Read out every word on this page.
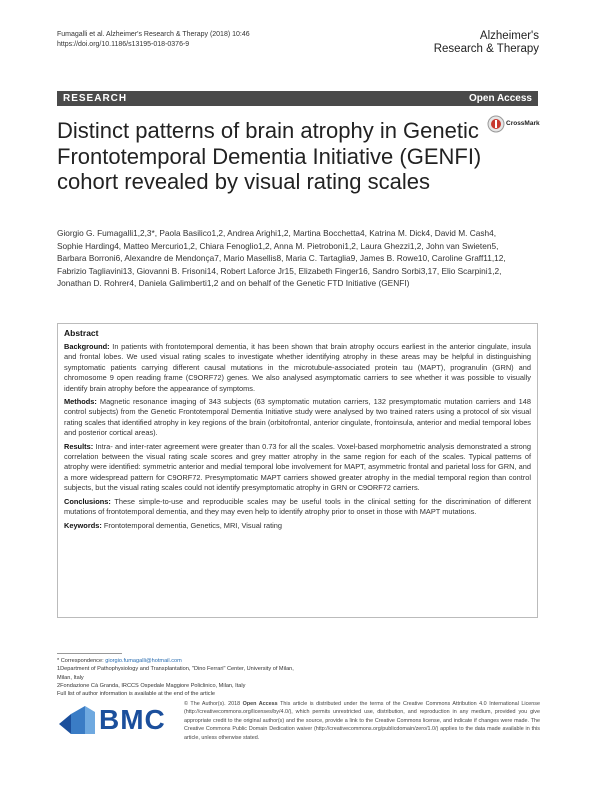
Fumagalli et al. Alzheimer's Research & Therapy (2018) 10:46
https://doi.org/10.1186/s13195-018-0376-9
Alzheimer's
Research & Therapy
RESEARCH	Open Access
Distinct patterns of brain atrophy in Genetic Frontotemporal Dementia Initiative (GENFI) cohort revealed by visual rating scales
CrossMark
Giorgio G. Fumagalli1,2,3*, Paola Basilico1,2, Andrea Arighi1,2, Martina Bocchetta4, Katrina M. Dick4, David M. Cash4,
Sophie Harding4, Matteo Mercurio1,2, Chiara Fenoglio1,2, Anna M. Pietroboni1,2, Laura Ghezzi1,2, John van Swieten5,
Barbara Borroni6, Alexandre de Mendonça7, Mario Masellis8, Maria C. Tartaglia9, James B. Rowe10, Caroline Graff11,12,
Fabrizio Tagliavini13, Giovanni B. Frisoni14, Robert Laforce Jr15, Elizabeth Finger16, Sandro Sorbi3,17, Elio Scarpini1,2,
Jonathan D. Rohrer4, Daniela Galimberti1,2 and on behalf of the Genetic FTD Initiative (GENFI)
Abstract

Background: In patients with frontotemporal dementia, it has been shown that brain atrophy occurs earliest in the anterior cingulate, insula and frontal lobes. We used visual rating scales to investigate whether identifying atrophy in these areas may be helpful in distinguishing symptomatic patients carrying different causal mutations in the microtubule-associated protein tau (MAPT), progranulin (GRN) and chromosome 9 open reading frame (C9ORF72) genes. We also analysed asymptomatic carriers to see whether it was possible to visually identify brain atrophy before the appearance of symptoms.

Methods: Magnetic resonance imaging of 343 subjects (63 symptomatic mutation carriers, 132 presymptomatic mutation carriers and 148 control subjects) from the Genetic Frontotemporal Dementia Initiative study were analysed by two trained raters using a protocol of six visual rating scales that identified atrophy in key regions of the brain (orbitofrontal, anterior cingulate, frontoinsula, anterior and medial temporal lobes and posterior cortical areas).

Results: Intra- and inter-rater agreement were greater than 0.73 for all the scales. Voxel-based morphometric analysis demonstrated a strong correlation between the visual rating scale scores and grey matter atrophy in the same region for each of the scales. Typical patterns of atrophy were identified: symmetric anterior and medial temporal lobe involvement for MAPT, asymmetric frontal and parietal loss for GRN, and a more widespread pattern for C9ORF72. Presymptomatic MAPT carriers showed greater atrophy in the medial temporal region than control subjects, but the visual rating scales could not identify presymptomatic atrophy in GRN or C9ORF72 carriers.

Conclusions: These simple-to-use and reproducible scales may be useful tools in the clinical setting for the discrimination of different mutations of frontotemporal dementia, and they may even help to identify atrophy prior to onset in those with MAPT mutations.

Keywords: Frontotemporal dementia, Genetics, MRI, Visual rating

* Correspondence: giorgio.fumagalli@hotmail.com
1Department of Pathophysiology and Transplantation, "Dino Ferrari" Center, University of Milan, Milan, Italy
2Fondazione Cà Granda, IRCCS Ospedale Maggiore Policlinico, Milan, Italy
Full list of author information is available at the end of the article
BMC	© The Author(s). 2018 Open Access This article is distributed under the terms of the Creative Commons Attribution 4.0 International License (http://creativecommons.org/licenses/by/4.0/), which permits unrestricted use, distribution, and reproduction in any medium, provided you give appropriate credit to the original author(s) and the source, provide a link to the Creative Commons license, and indicate if changes were made. The Creative Commons Public Domain Dedication waiver (http://creativecommons.org/publicdomain/zero/1.0/) applies to the data made available in this article, unless otherwise stated.
